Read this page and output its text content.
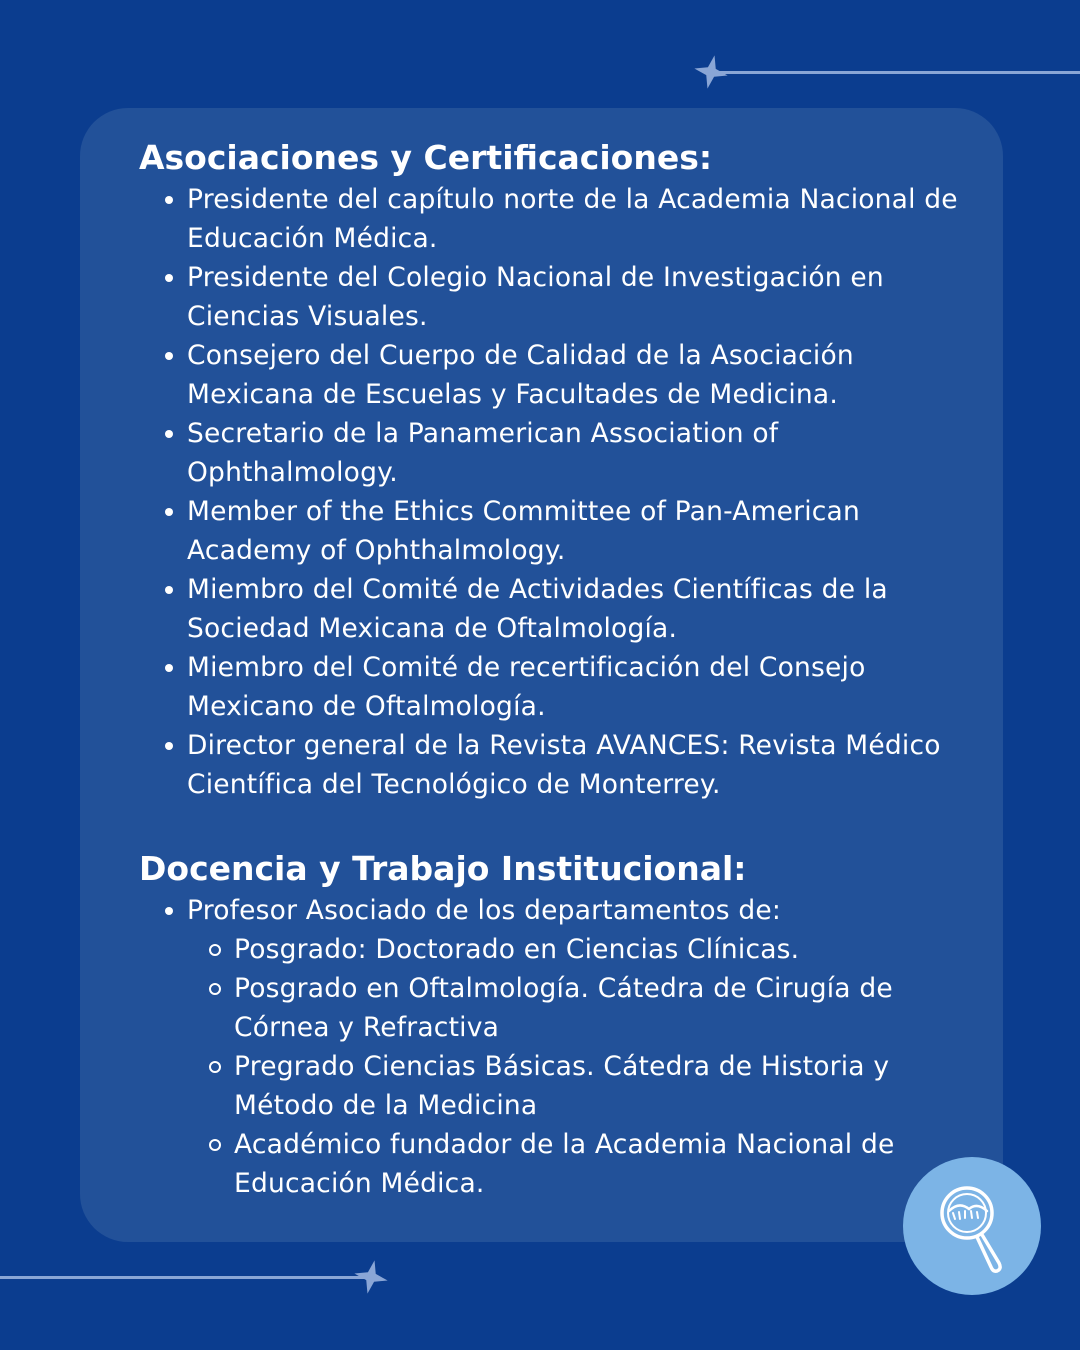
Asociaciones y Certificaciones:
Presidente del capítulo norte de la Academia Nacional de Educación Médica.
Presidente del Colegio Nacional de Investigación en Ciencias Visuales.
Consejero del Cuerpo de Calidad de la Asociación Mexicana de Escuelas y Facultades de Medicina.
Secretario de la Panamerican Association of Ophthalmology.
Member of the Ethics Committee of Pan-American Academy of Ophthalmology.
Miembro del Comité de Actividades Científicas de la Sociedad Mexicana de Oftalmología.
Miembro del Comité de recertificación del Consejo Mexicano de Oftalmología.
Director general de la Revista AVANCES: Revista Médico Científica del Tecnológico de Monterrey.
Docencia y Trabajo Institucional:
Profesor Asociado de los departamentos de:
Posgrado: Doctorado en Ciencias Clínicas.
Posgrado en Oftalmología. Cátedra de Cirugía de Córnea y Refractiva
Pregrado Ciencias Básicas. Cátedra de Historia y Método de la Medicina
Académico fundador de la Academia Nacional de Educación Médica.
